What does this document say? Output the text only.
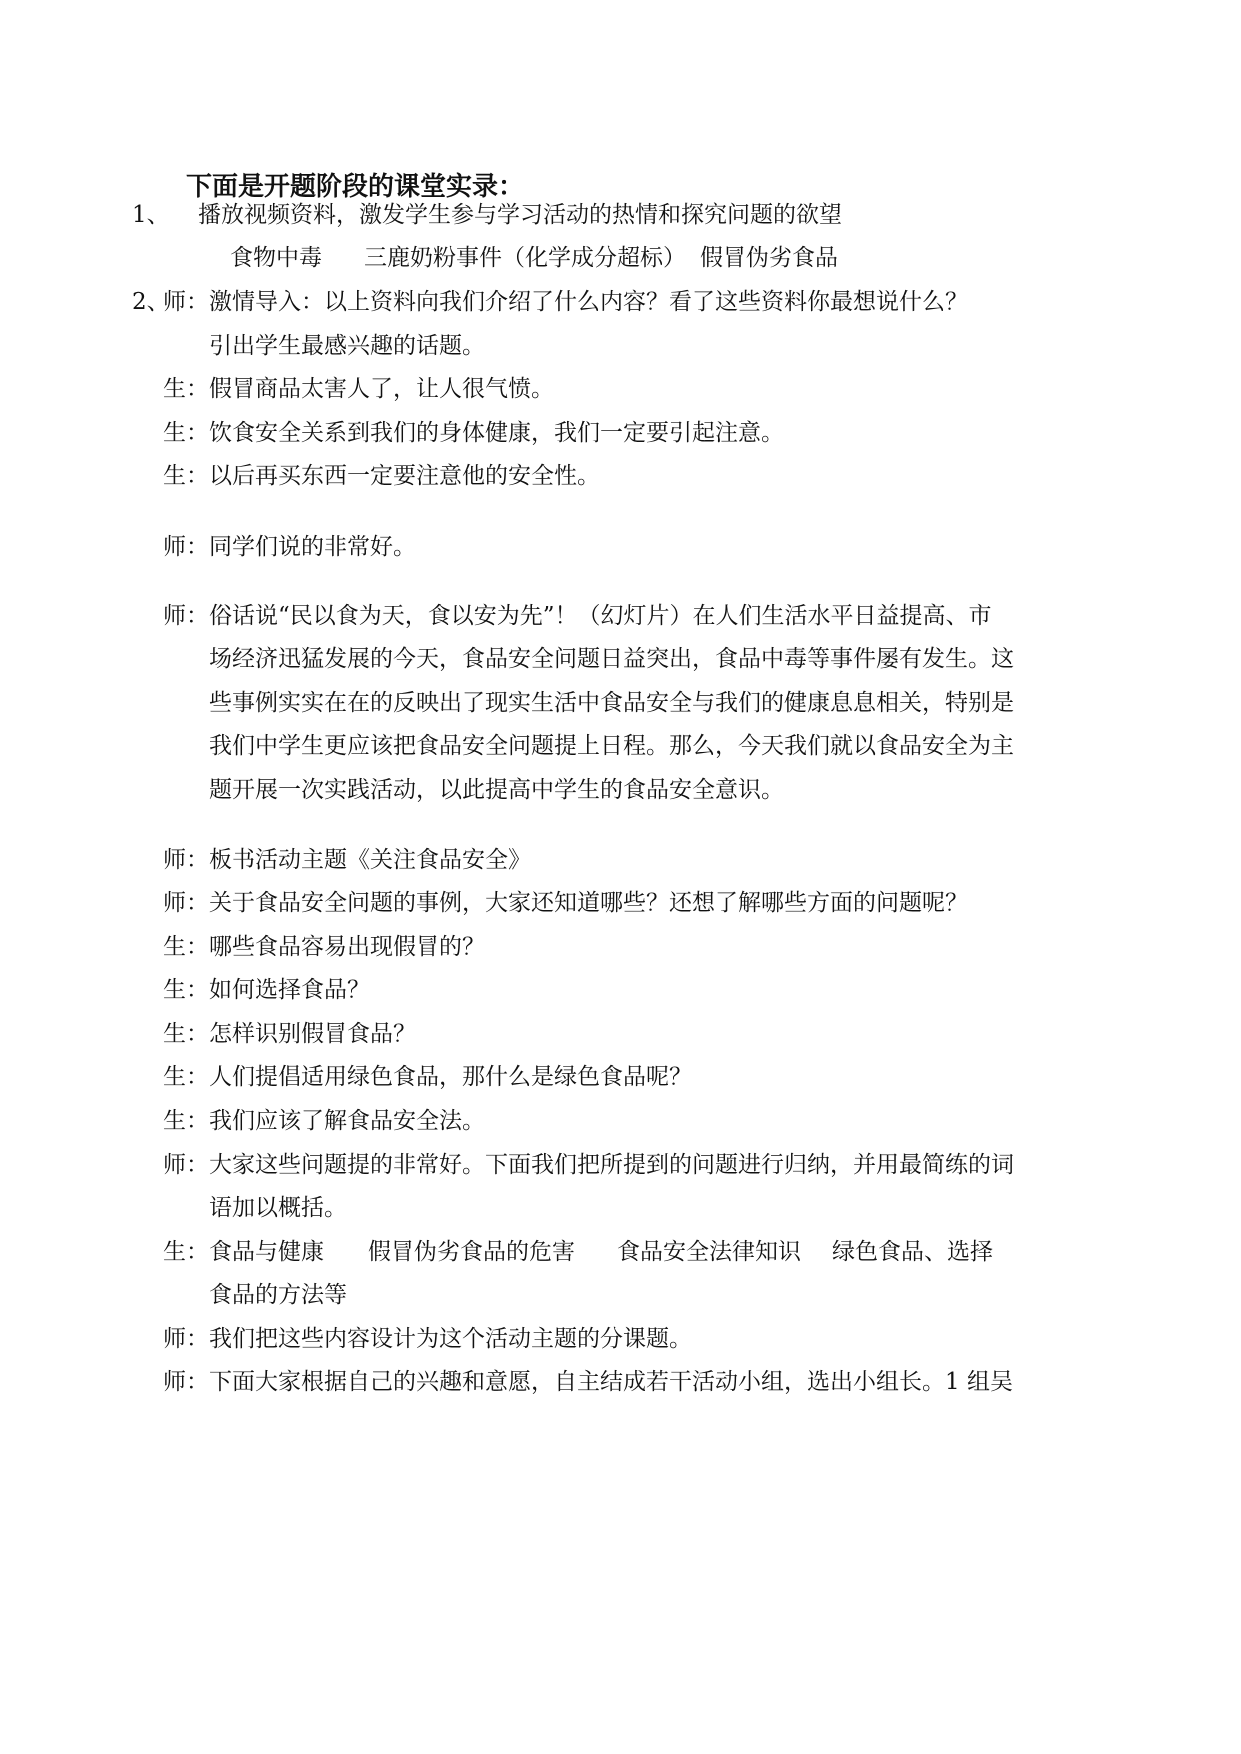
下面是开题阶段的课堂实录：
1、 播放视频资料，激发学生参与学习活动的热情和探究问题的欲望
食物中毒 三鹿奶粉事件（化学成分超标） 假冒伪劣食品
2、
师： 激情导入：以上资料向我们介绍了什么内容？看了这些资料你最想说什么？
引出学生最感兴趣的话题。
生： 假冒商品太害人了，让人很气愤。
生： 饮食安全关系到我们的身体健康，我们一定要引起注意。
生： 以后再买东西一定要注意他的安全性。
师： 同学们说的非常好。
师： 俗话说“民以食为天，食以安为先”！（幻灯片）在人们生活水平日益提高、市
场经济迅猛发展的今天，食品安全问题日益突出，食品中毒等事件屡有发生。这
些事例实实在在的反映出了现实生活中食品安全与我们的健康息息相关，特别是
我们中学生更应该把食品安全问题提上日程。那么，今天我们就以食品安全为主
题开展一次实践活动，以此提高中学生的食品安全意识。
师： 板书活动主题《关注食品安全》
师： 关于食品安全问题的事例，大家还知道哪些？还想了解哪些方面的问题呢？
生： 哪些食品容易出现假冒的？
生： 如何选择食品？
生： 怎样识别假冒食品？
生： 人们提倡适用绿色食品，那什么是绿色食品呢？
生： 我们应该了解食品安全法。
师： 大家这些问题提的非常好。下面我们把所提到的问题进行归纳，并用最简练的词
语加以概括。
生： 食品与健康 假冒伪劣食品的危害 食品安全法律知识 绿色食品、选择
食品的方法等
师： 我们把这些内容设计为这个活动主题的分课题。
师： 下面大家根据自己的兴趣和意愿，自主结成若干活动小组，选出小组长。1 组吴
